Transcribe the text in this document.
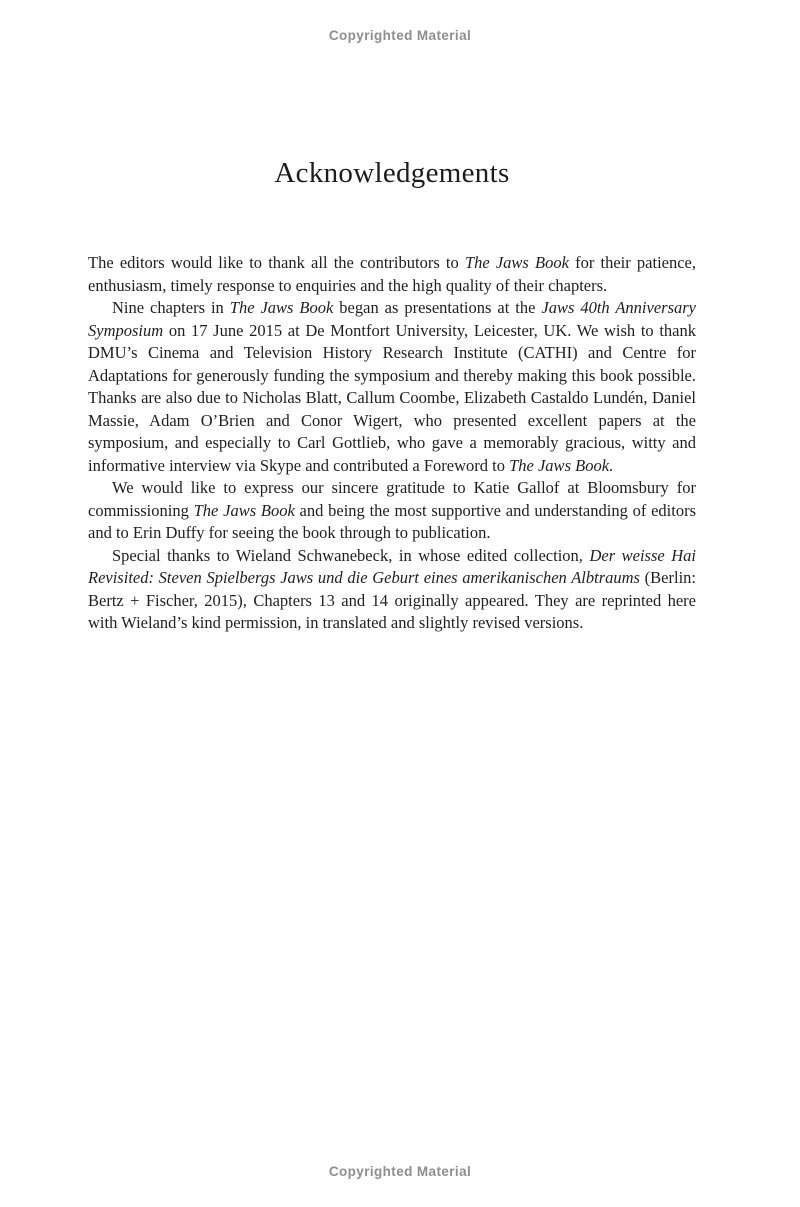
Copyrighted Material
Acknowledgements

The editors would like to thank all the contributors to The Jaws Book for their patience, enthusiasm, timely response to enquiries and the high quality of their chapters.

Nine chapters in The Jaws Book began as presentations at the Jaws 40th Anniversary Symposium on 17 June 2015 at De Montfort University, Leicester, UK. We wish to thank DMU’s Cinema and Television History Research Institute (CATHI) and Centre for Adaptations for generously funding the symposium and thereby making this book possible. Thanks are also due to Nicholas Blatt, Callum Coombe, Elizabeth Castaldo Lundén, Daniel Massie, Adam O’Brien and Conor Wigert, who presented excellent papers at the symposium, and especially to Carl Gottlieb, who gave a memorably gracious, witty and informative interview via Skype and contributed a Foreword to The Jaws Book.

We would like to express our sincere gratitude to Katie Gallof at Bloomsbury for commissioning The Jaws Book and being the most supportive and understanding of editors and to Erin Duffy for seeing the book through to publication.

Special thanks to Wieland Schwanebeck, in whose edited collection, Der weisse Hai Revisited: Steven Spielbergs Jaws und die Geburt eines amerikanischen Albtraums (Berlin: Bertz + Fischer, 2015), Chapters 13 and 14 originally appeared. They are reprinted here with Wieland’s kind permission, in translated and slightly revised versions.

Copyrighted Material
